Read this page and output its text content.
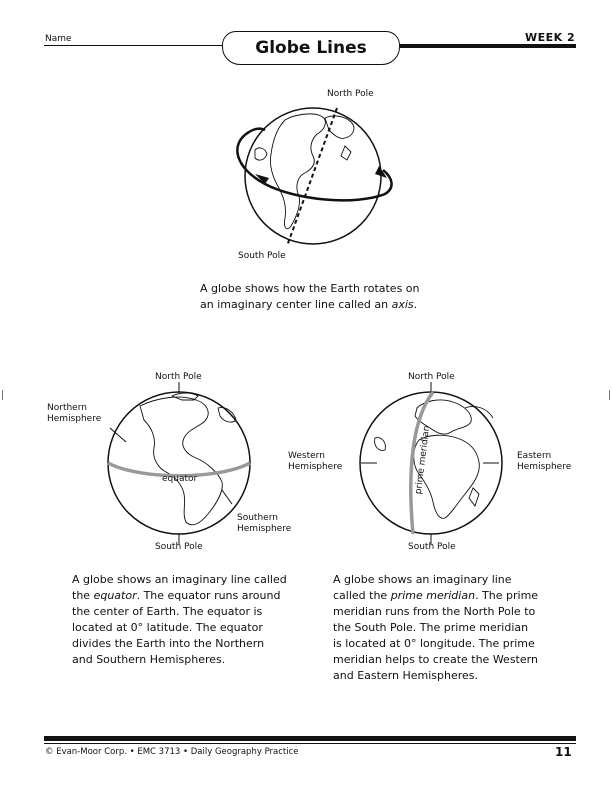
Name	WEEK 2
Globe Lines
North Pole
South Pole
A globe shows how the Earth rotates on
an imaginary center line called an axis.
North Pole
South Pole
Northern
Hemisphere
equator
Southern
Hemisphere
North Pole
South Pole
Western
Hemisphere
Eastern
Hemisphere
prime meridian
A globe shows an imaginary line called
the equator. The equator runs around
the center of Earth. The equator is
located at 0° latitude. The equator
divides the Earth into the Northern
and Southern Hemispheres.
A globe shows an imaginary line
called the prime meridian. The prime
meridian runs from the North Pole to
the South Pole. The prime meridian
is located at 0° longitude. The prime
meridian helps to create the Western
and Eastern Hemispheres.
© Evan-Moor Corp. • EMC 3713 • Daily Geography Practice	11
